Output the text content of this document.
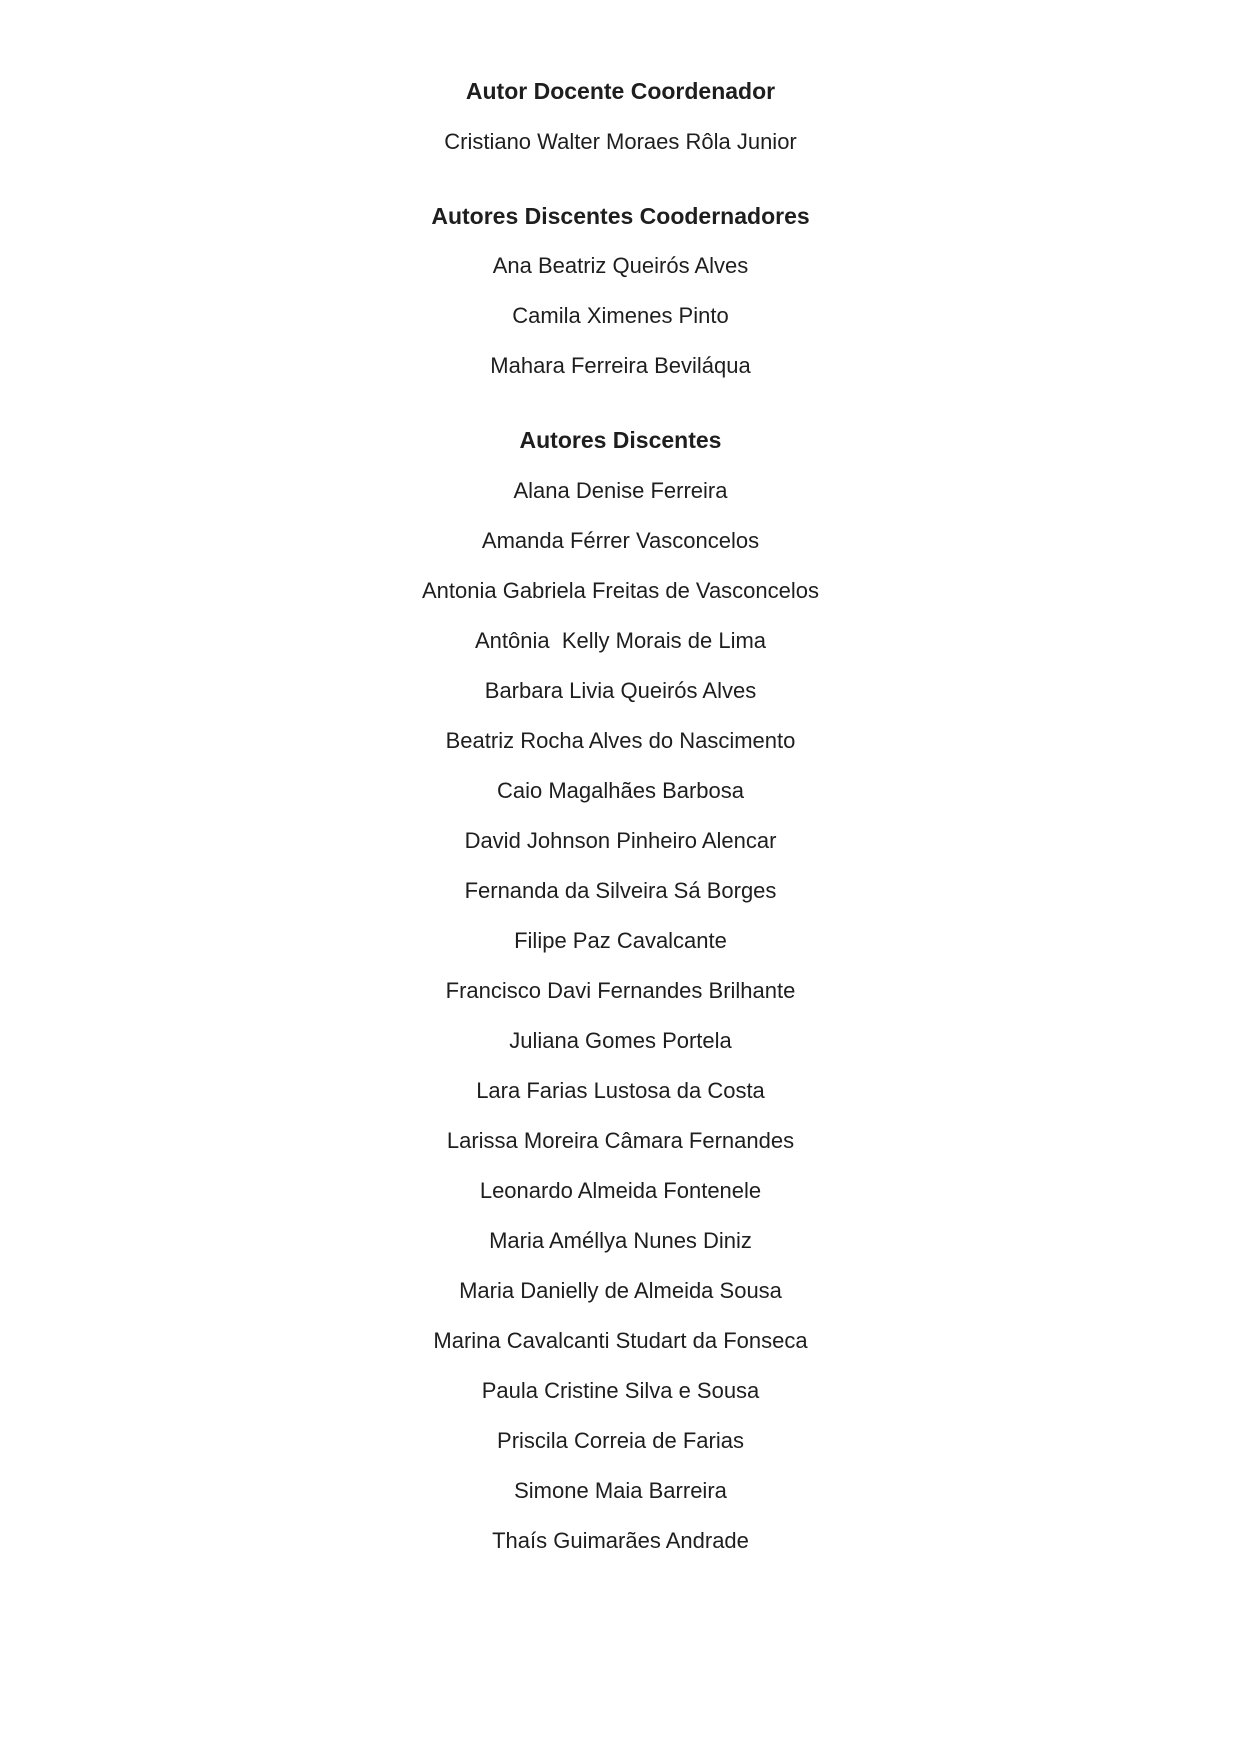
Autor Docente Coordenador
Cristiano Walter Moraes Rôla Junior
Autores Discentes Coodernadores
Ana Beatriz Queirós Alves
Camila Ximenes Pinto
Mahara Ferreira Beviláqua
Autores Discentes
Alana Denise Ferreira
Amanda Férrer Vasconcelos
Antonia Gabriela Freitas de Vasconcelos
Antônia  Kelly Morais de Lima
Barbara Livia Queirós Alves
Beatriz Rocha Alves do Nascimento
Caio Magalhães Barbosa
David Johnson Pinheiro Alencar
Fernanda da Silveira Sá Borges
Filipe Paz Cavalcante
Francisco Davi Fernandes Brilhante
Juliana Gomes Portela
Lara Farias Lustosa da Costa
Larissa Moreira Câmara Fernandes
Leonardo Almeida Fontenele
Maria Améllya Nunes Diniz
Maria Danielly de Almeida Sousa
Marina Cavalcanti Studart da Fonseca
Paula Cristine Silva e Sousa
Priscila Correia de Farias
Simone Maia Barreira
Thaís Guimarães Andrade
